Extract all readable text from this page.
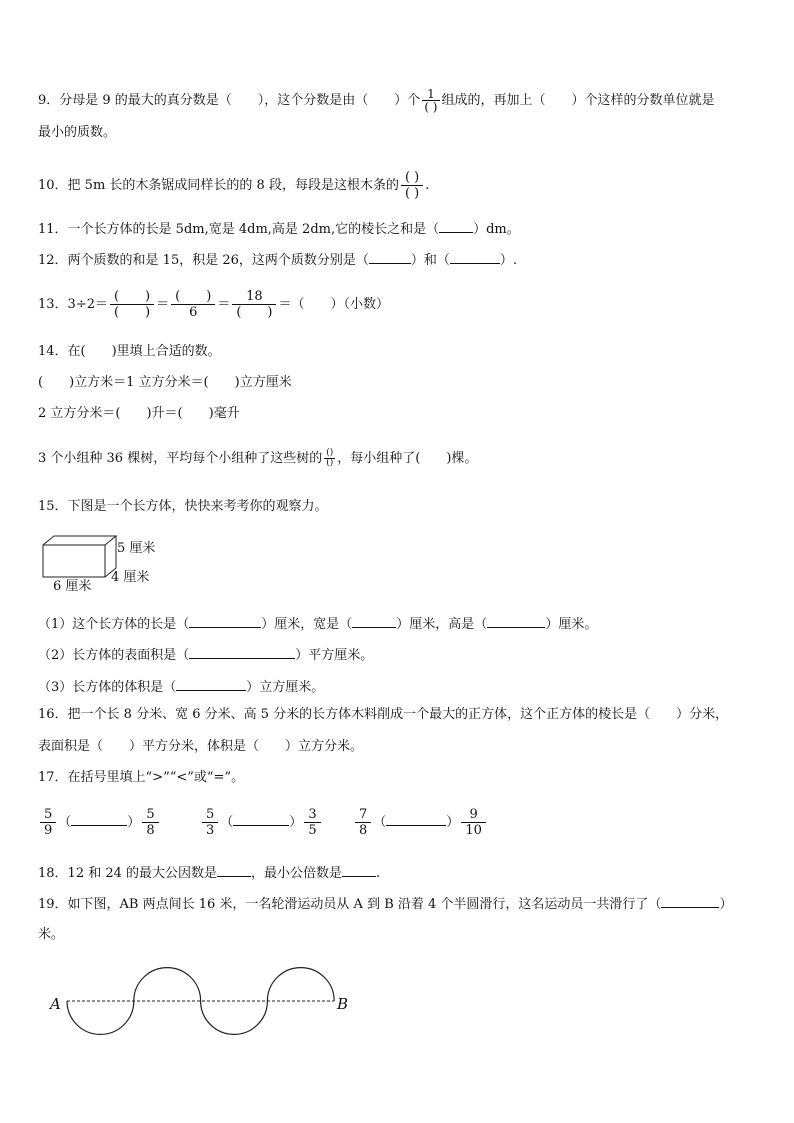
9．分母是 9 的最大的真分数是（　　），这个分数是由（　　）个 $\frac{1}{( )}$ 组成的，再加上（　　）个这样的分数单位就是
最小的质数。
10．把 5m 长的木条锯成同样长的的 8 段，每段是这根木条的 $\frac{( )}{( )}$ .
11．一个长方体的长是 5dm,宽是 4dm,高是 2dm,它的棱长之和是（	）dm。
12．两个质数的和是 15，积是 26，这两个质数分别是（	）和（	）.
13．$3\div 2= \frac{( )}{( )} = \frac{( )}{6} = \frac{18}{( )}$ ＝（　　）（小数）
14．在(　　)里填上合适的数。
(　　)立方米＝1 立方分米＝(　　)立方厘米
2 立方分米＝(　　)升＝(　　)毫升
3 个小组种 36 棵树，平均每个小组种了这些树的 $\frac{()}{()}$ ，每小组种了(　　)棵。
15．下图是一个长方体，快快来考考你的观察力。
5 厘米
4 厘米
6 厘米
（1）这个长方体的长是（	）厘米，宽是（	）厘米，高是（	）厘米。
（2）长方体的表面积是（	）平方厘米。
（3）长方体的体积是（	）立方厘米。
16．把一个长 8 分米、宽 6 分米、高 5 分米的长方体木料削成一个最大的正方体，这个正方体的棱长是（　　）分米，
表面积是（　　）平方分米，体积是（　　）立方分米。
17．在括号里填上“>”“<”或“=”。
$\frac{5}{9}$ （	） $\frac{5}{8}$	$\frac{5}{3}$ （	） $\frac{3}{5}$	$\frac{7}{8}$ （	） $\frac{9}{10}$
18．12 和 24 的最大公因数是	，最小公倍数是	.
19．如下图，AB 两点间长 16 米，一名轮滑运动员从 A 到 B 沿着 4 个半圆滑行，这名运动员一共滑行了（	）
米。
A	B
